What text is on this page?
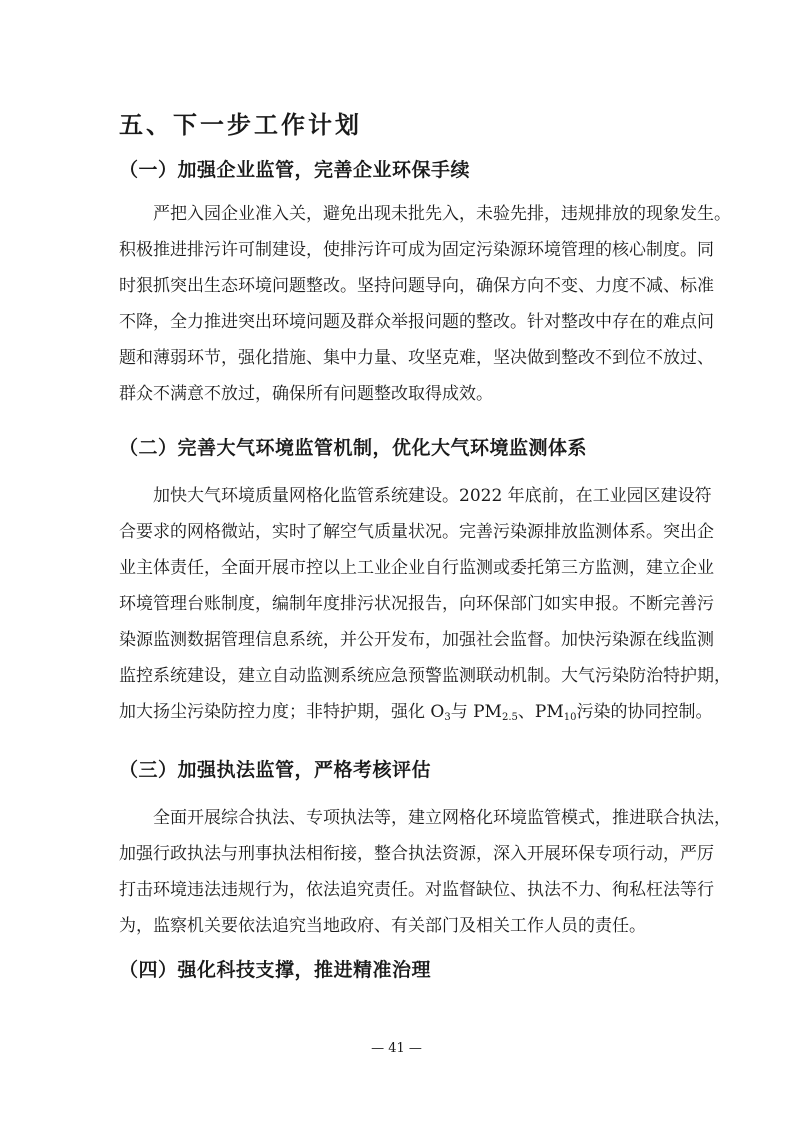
五、下一步工作计划
（一）加强企业监管，完善企业环保手续
严把入园企业准入关，避免出现未批先入，未验先排，违规排放的现象发生。
积极推进排污许可制建设，使排污许可成为固定污染源环境管理的核心制度。同
时狠抓突出生态环境问题整改。坚持问题导向，确保方向不变、力度不减、标准
不降，全力推进突出环境问题及群众举报问题的整改。针对整改中存在的难点问
题和薄弱环节，强化措施、集中力量、攻坚克难，坚决做到整改不到位不放过、
群众不满意不放过，确保所有问题整改取得成效。
（二）完善大气环境监管机制，优化大气环境监测体系
加快大气环境质量网格化监管系统建设。2022 年底前，在工业园区建设符
合要求的网格微站，实时了解空气质量状况。完善污染源排放监测体系。突出企
业主体责任，全面开展市控以上工业企业自行监测或委托第三方监测，建立企业
环境管理台账制度，编制年度排污状况报告，向环保部门如实申报。不断完善污
染源监测数据管理信息系统，并公开发布，加强社会监督。加快污染源在线监测
监控系统建设，建立自动监测系统应急预警监测联动机制。大气污染防治特护期，
加大扬尘污染防控力度；非特护期，强化 $O_3$与 $PM_{2.5}$、$PM_{10}$污染的协同控制。
（三）加强执法监管，严格考核评估
全面开展综合执法、专项执法等，建立网格化环境监管模式，推进联合执法，
加强行政执法与刑事执法相衔接，整合执法资源，深入开展环保专项行动，严厉
打击环境违法违规行为，依法追究责任。对监督缺位、执法不力、徇私枉法等行
为，监察机关要依法追究当地政府、有关部门及相关工作人员的责任。
（四）强化科技支撑，推进精准治理

— 41 —
